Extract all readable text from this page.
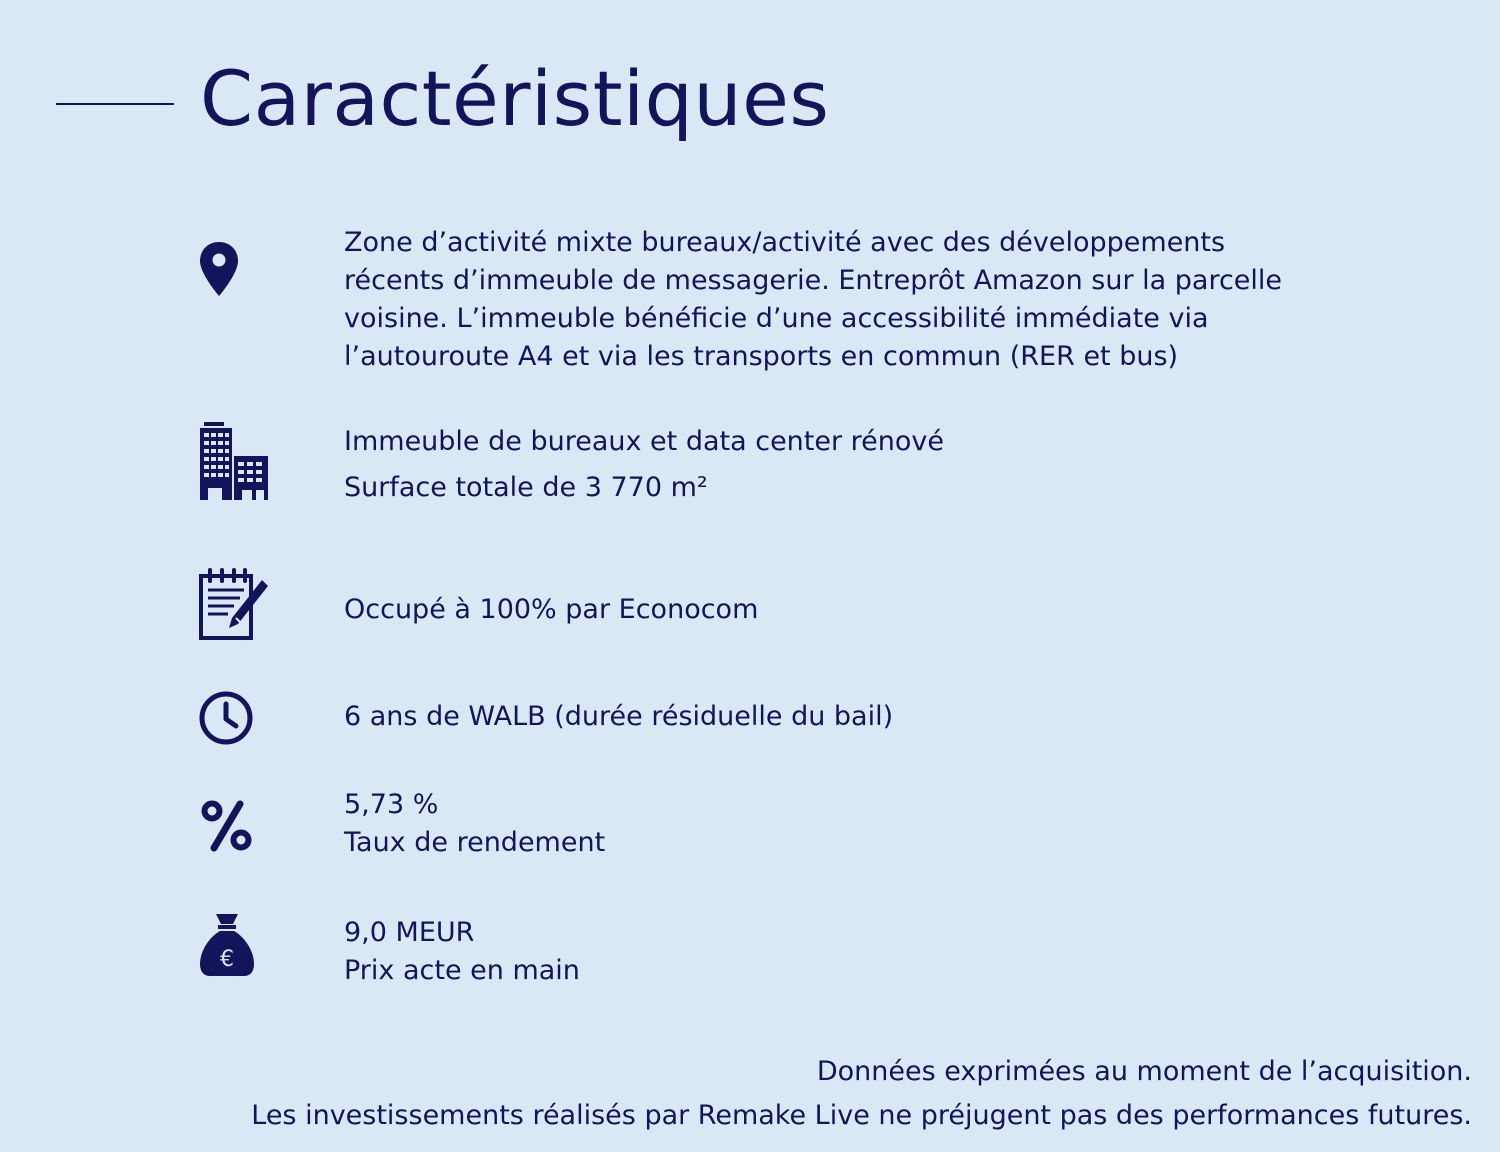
Caractéristiques
Zone d’activité mixte bureaux/activité avec des développements
récents d’immeuble de messagerie. Entreprôt Amazon sur la parcelle
voisine. L’immeuble bénéficie d’une accessibilité immédiate via
l’autouroute A4 et via les transports en commun (RER et bus)
Immeuble de bureaux et data center rénové
Surface totale de 3 770 m²
Occupé à 100% par Econocom
6 ans de WALB (durée résiduelle du bail)
5,73 %
Taux de rendement
€
9,0 MEUR
Prix acte en main
Données exprimées au moment de l’acquisition.
Les investissements réalisés par Remake Live ne préjugent pas des performances futures.
